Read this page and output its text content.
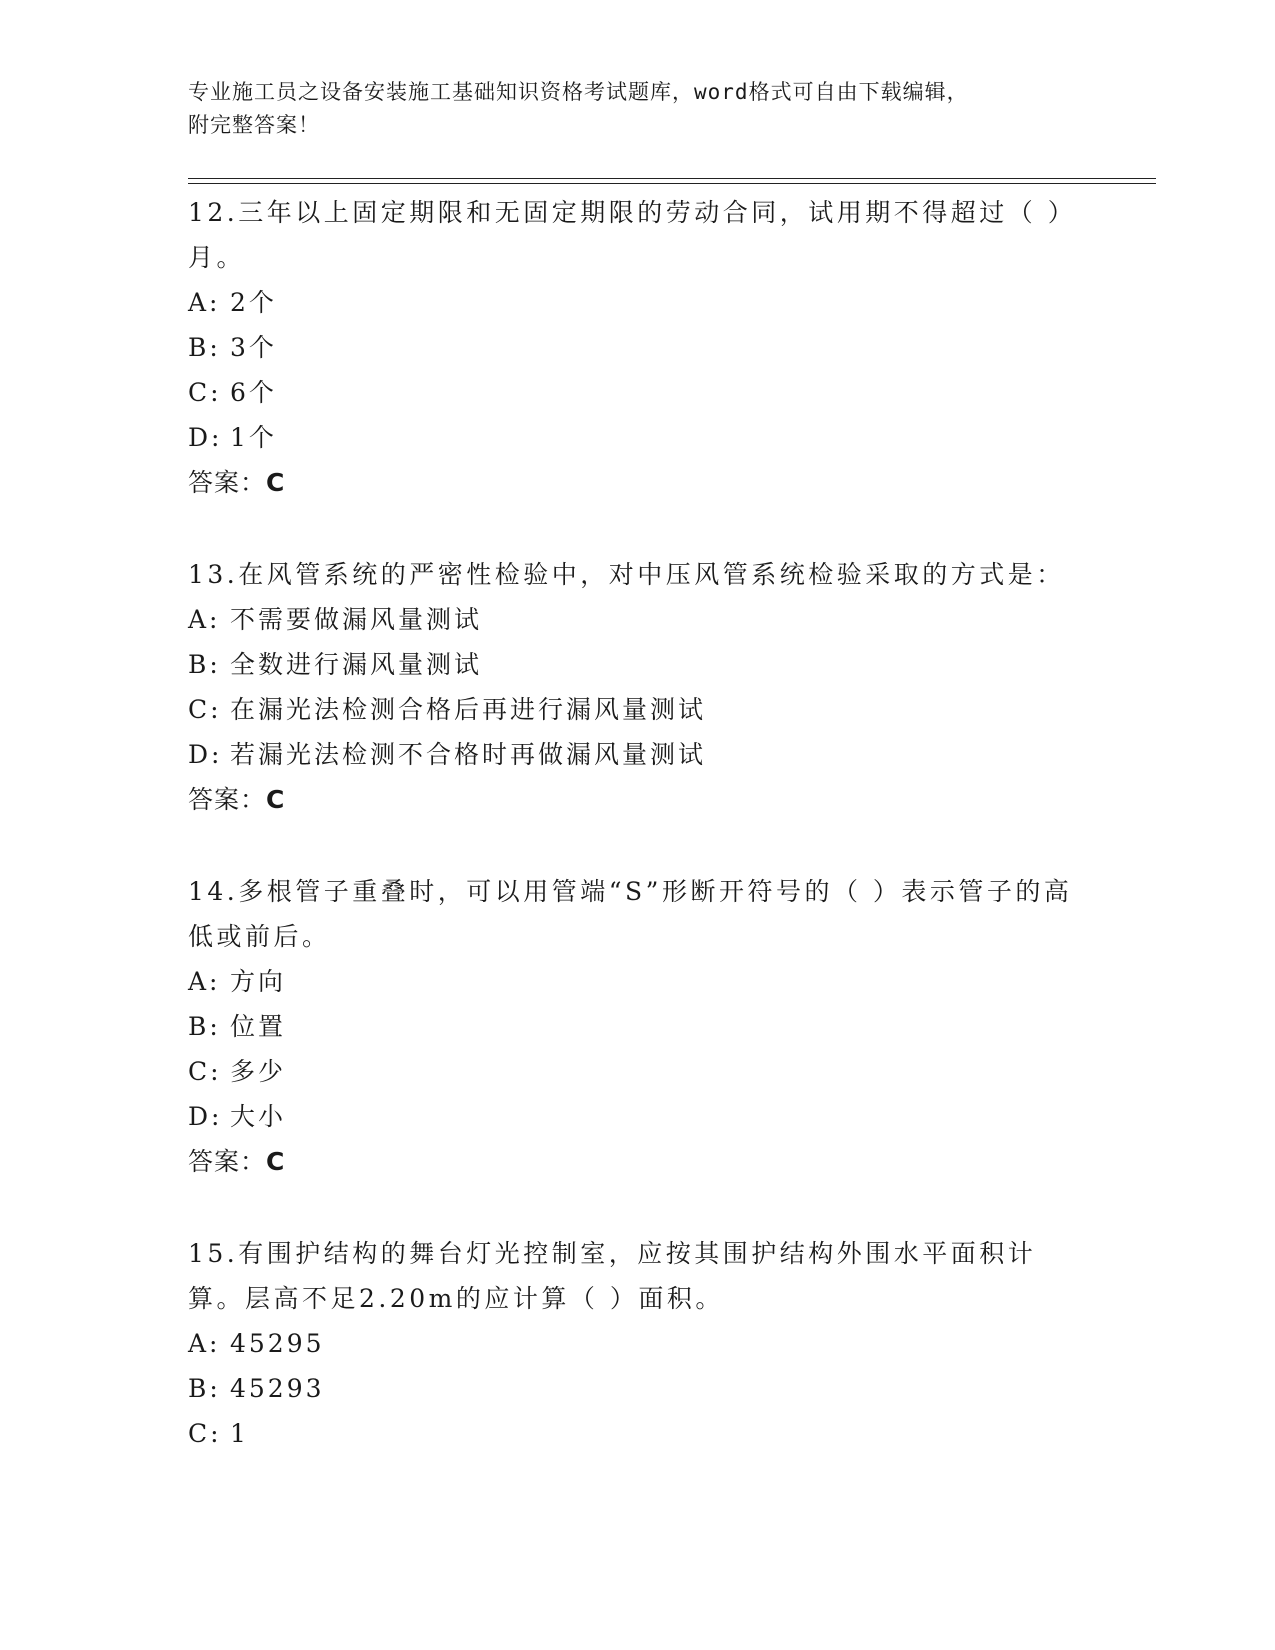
专业施工员之设备安装施工基础知识资格考试题库，word格式可自由下载编辑，
附完整答案！

12.三年以上固定期限和无固定期限的劳动合同，试用期不得超过（ ）月。

A: 2个
B: 3个
C: 6个
D: 1个
答案：C

13.在风管系统的严密性检验中，对中压风管系统检验采取的方式是：

A: 不需要做漏风量测试
B: 全数进行漏风量测试
C: 在漏光法检测合格后再进行漏风量测试
D: 若漏光法检测不合格时再做漏风量测试
答案：C

14.多根管子重叠时，可以用管端“S”形断开符号的（ ）表示管子的高低或前后。

A: 方向
B: 位置
C: 多少
D: 大小
答案：C

15.有围护结构的舞台灯光控制室，应按其围护结构外围水平面积计算。层高不足2.20m的应计算（ ）面积。

A: 45295
B: 45293
C: 1
